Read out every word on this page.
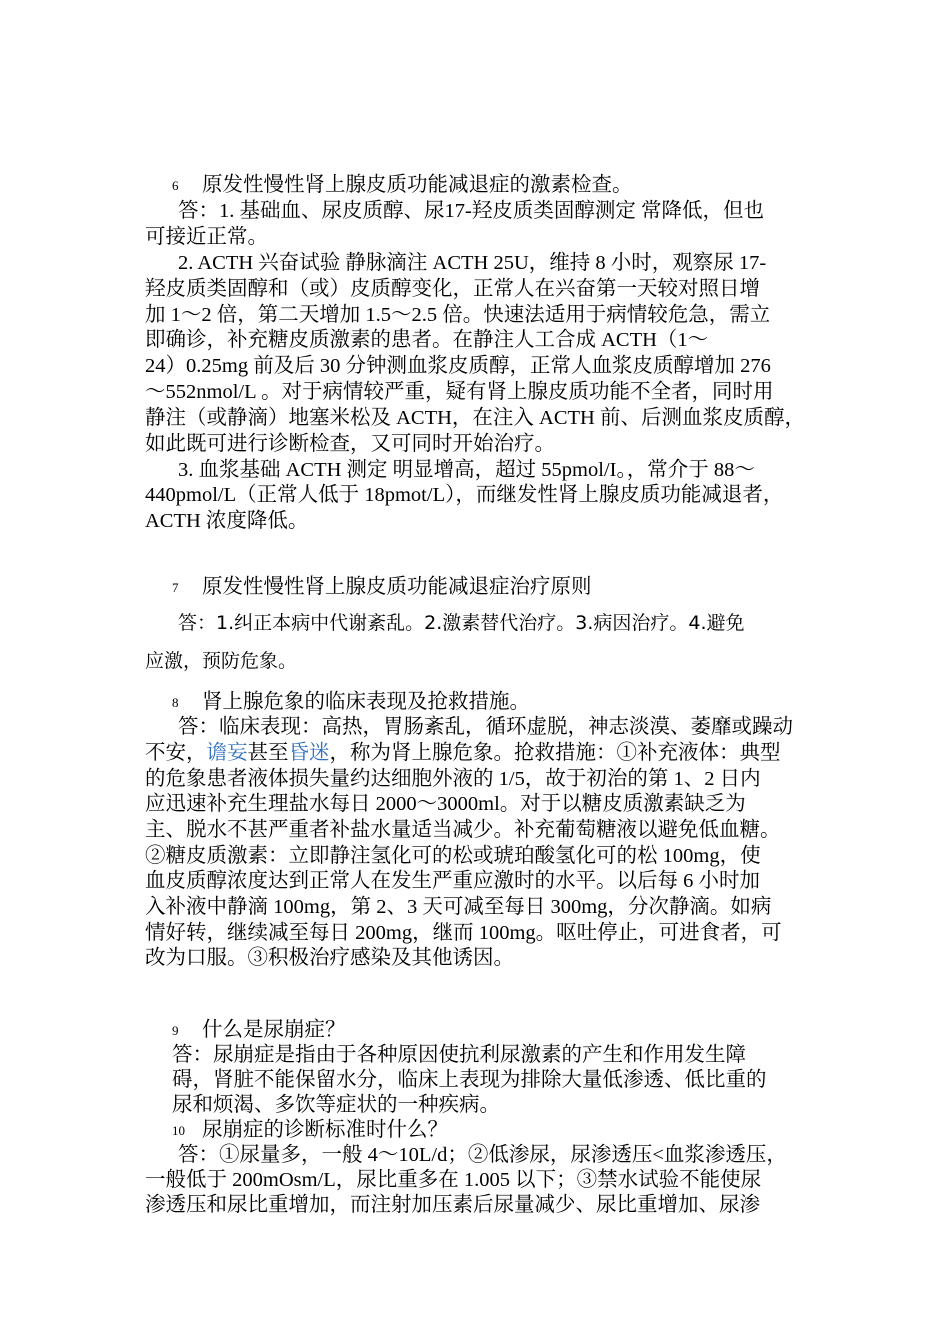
6 原发性慢性肾上腺皮质功能减退症的激素检查。
答：1. 基础血、尿皮质醇、尿17-羟皮质类固醇测定 常降低，但也
可接近正常。
2. ACTH 兴奋试验 静脉滴注 ACTH 25U，维持 8 小时，观察尿 17-
羟皮质类固醇和（或）皮质醇变化，正常人在兴奋第一天较对照日增
加 1～2 倍，第二天增加 1.5～2.5 倍。快速法适用于病情较危急，需立
即确诊，补充糖皮质激素的患者。在静注人工合成 ACTH（1～
24）0.25mg 前及后 30 分钟测血浆皮质醇，正常人血浆皮质醇增加 276
～552nmol/L 。对于病情较严重，疑有肾上腺皮质功能不全者，同时用
静注（或静滴）地塞米松及 ACTH，在注入 ACTH 前、后测血浆皮质醇，
如此既可进行诊断检查，又可同时开始治疗。
3. 血浆基础 ACTH 测定 明显增高，超过 55pmol/I。，常介于 88～
440pmol/L（正常人低于 18pmot/L），而继发性肾上腺皮质功能减退者，
ACTH 浓度降低。
7 原发性慢性肾上腺皮质功能减退症治疗原则
答：1.纠正本病中代谢紊乱。2.激素替代治疗。3.病因治疗。4.避免
应激，预防危象。
8 肾上腺危象的临床表现及抢救措施。
答：临床表现：高热，胃肠紊乱，循环虚脱，神志淡漠、萎靡或躁动
不安，谵妄甚至昏迷，称为肾上腺危象。抢救措施：①补充液体：典型
的危象患者液体损失量约达细胞外液的 1/5，故于初治的第 1、2 日内
应迅速补充生理盐水每日 2000～3000ml。对于以糖皮质激素缺乏为
主、脱水不甚严重者补盐水量适当减少。补充葡萄糖液以避免低血糖。
②糖皮质激素：立即静注氢化可的松或琥珀酸氢化可的松 100mg，使
血皮质醇浓度达到正常人在发生严重应激时的水平。以后每 6 小时加
入补液中静滴 100mg，第 2、3 天可减至每日 300mg，分次静滴。如病
情好转，继续减至每日 200mg，继而 100mg。呕吐停止，可进食者，可
改为口服。③积极治疗感染及其他诱因。
9 什么是尿崩症？
答：尿崩症是指由于各种原因使抗利尿激素的产生和作用发生障
碍，肾脏不能保留水分，临床上表现为排除大量低渗透、低比重的
尿和烦渴、多饮等症状的一种疾病。
10 尿崩症的诊断标准时什么？
答：①尿量多，一般 4～10L/d；②低渗尿，尿渗透压<血浆渗透压，
一般低于 200mOsm/L，尿比重多在 1.005 以下；③禁水试验不能使尿
渗透压和尿比重增加，而注射加压素后尿量减少、尿比重增加、尿渗
